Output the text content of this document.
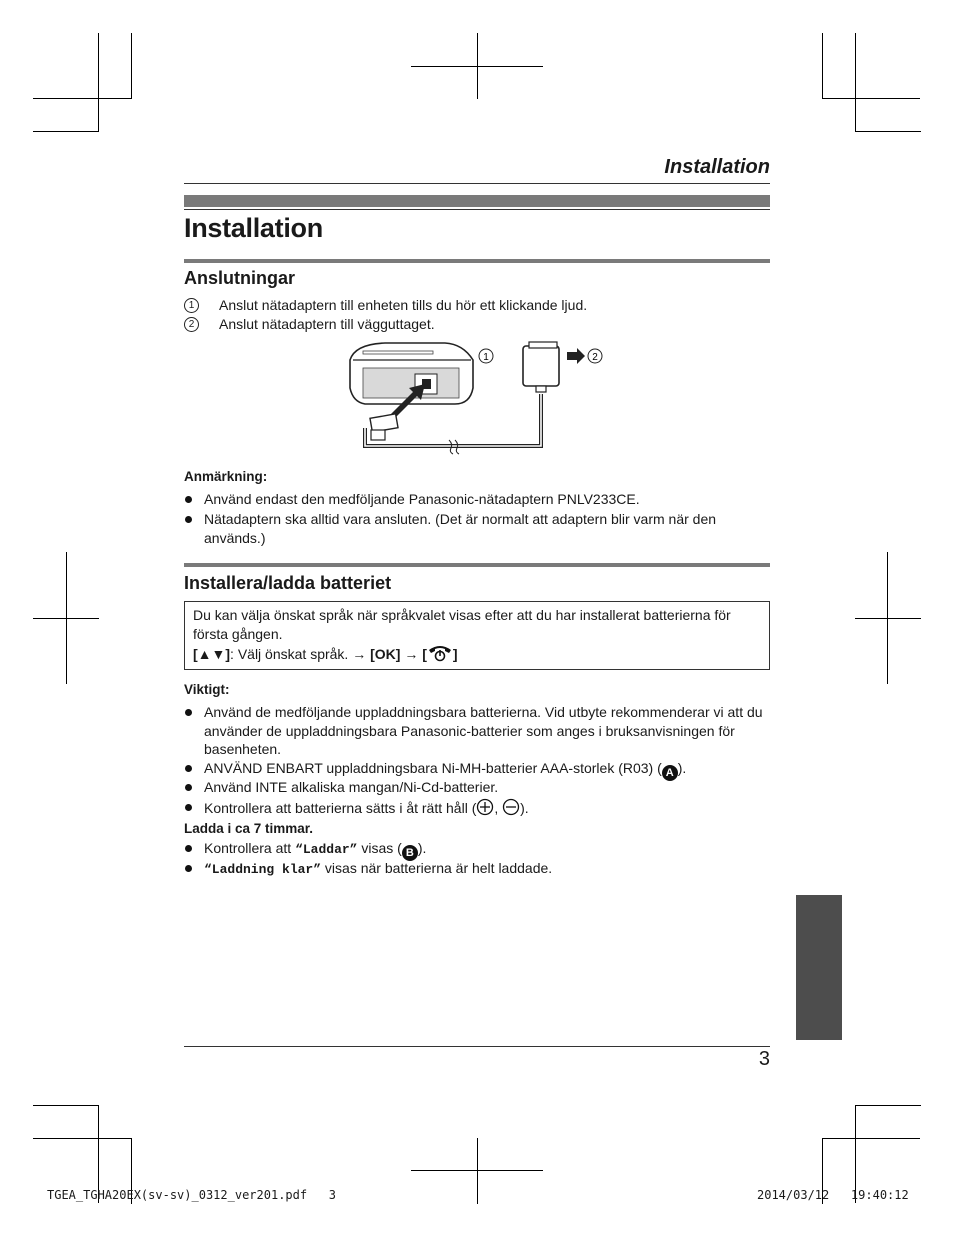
Installation
Installation
Anslutningar
1	Anslut nätadaptern till enheten tills du hör ett klickande ljud.
2	Anslut nätadaptern till vägguttaget.
1	2
Anmärkning:
Använd endast den medföljande Panasonic-nätadaptern PNLV233CE.
Nätadaptern ska alltid vara ansluten. (Det är normalt att adaptern blir varm när den används.)
Installera/ladda batteriet
Du kan välja önskat språk när språkvalet visas efter att du har installerat batterierna för första gången.
[▲▼]: Välj önskat språk. → [OK] → [ ]
Viktigt:
Använd de medföljande uppladdningsbara batterierna. Vid utbyte rekommenderar vi att du använder de uppladdningsbara Panasonic-batterier som anges i bruksanvisningen för basenheten.
ANVÄND ENBART uppladdningsbara Ni-MH-batterier AAA-storlek (R03) ( A ).
Använd INTE alkaliska mangan/Ni-Cd-batterier.
Kontrollera att batterierna sätts i åt rätt håll ( , ).
Ladda i ca 7 timmar.
Kontrollera att “Laddar” visas ( B ).
“Laddning klar” visas när batterierna är helt laddade.
3
TGEA_TGHA20EX(sv-sv)_0312_ver201.pdf   3	2014/03/12   19:40:12
